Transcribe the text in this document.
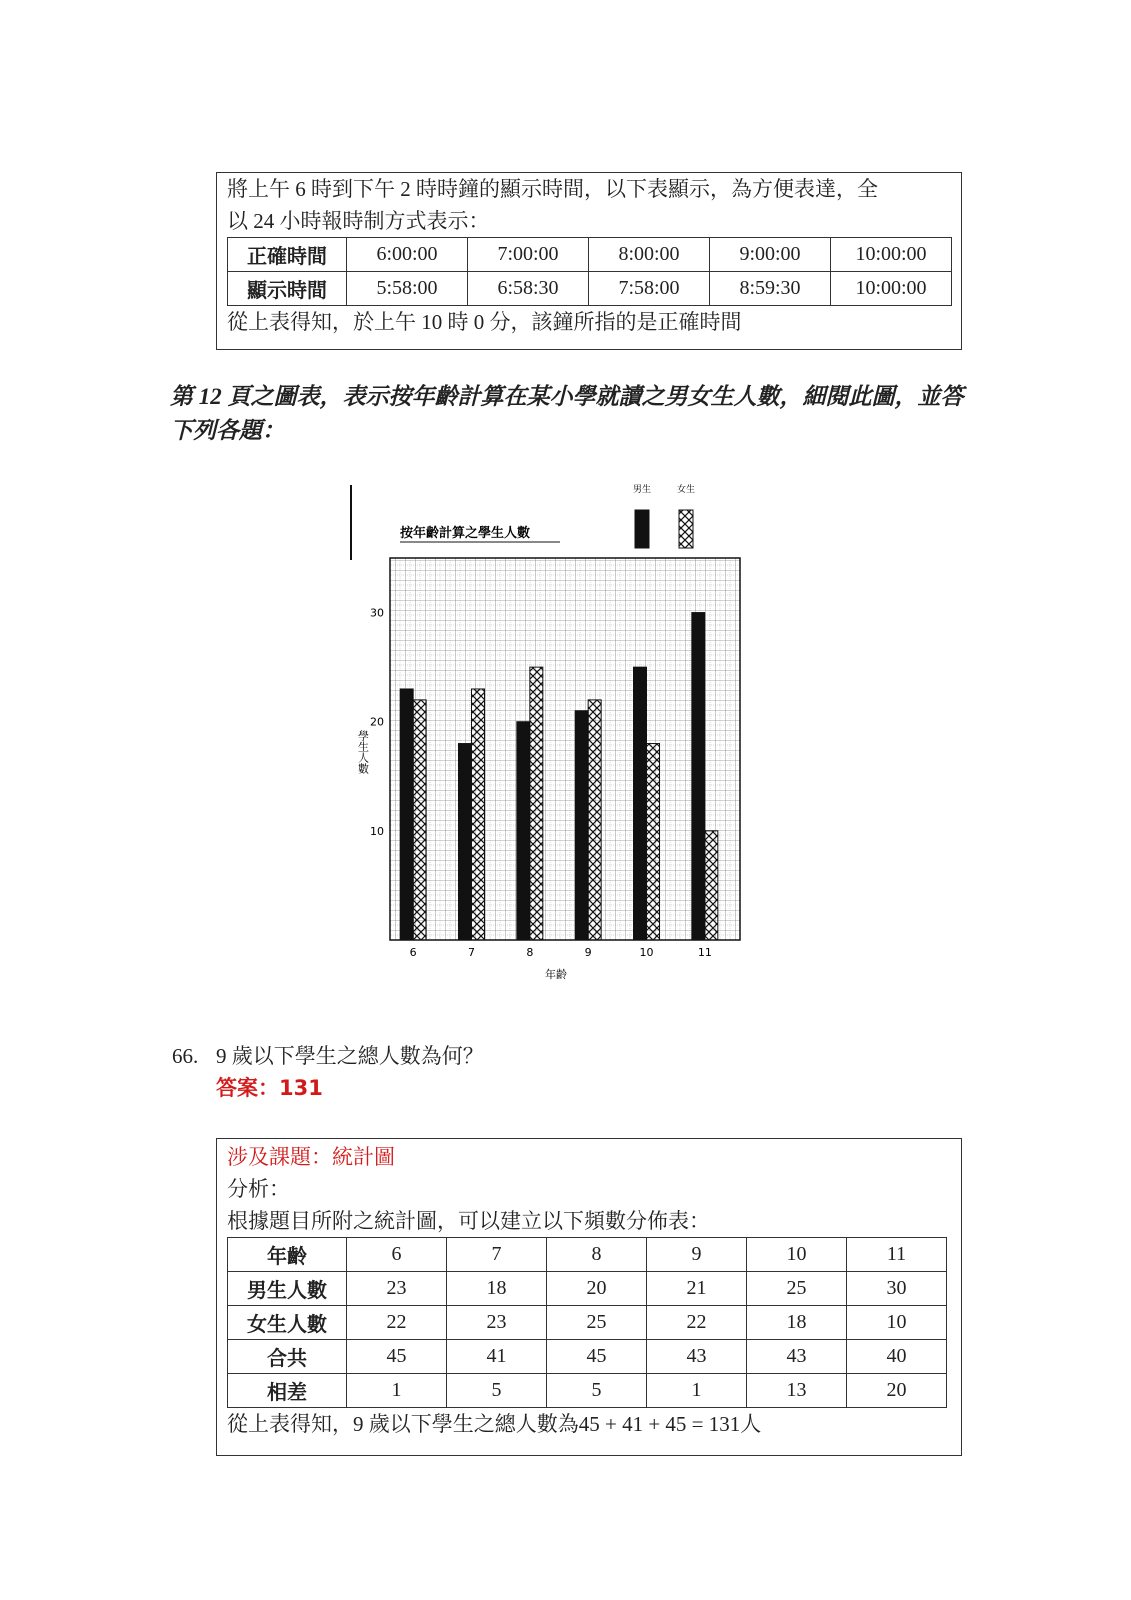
將上午 6 時到下午 2 時時鐘的顯示時間，以下表顯示，為方便表達，全
以 24 小時報時制方式表示：
正確時間	6:00:00	7:00:00	8:00:00	9:00:00	10:00:00
顯示時間	5:58:00	6:58:30	7:58:00	8:59:30	10:00:00
從上表得知，於上午 10 時 0 分，該鐘所指的是正確時間
第 12 頁之圖表，表示按年齡計算在某小學就讀之男女生人數，細閱此圖，並答
下列各題：
按年齡計算之學生人數
男生	女生
10
20
30
6	7	8	9	10	11
學生人數
年齡
66. 9 歲以下學生之總人數為何？
答案：131
涉及課題：統計圖
分析：
根據題目所附之統計圖，可以建立以下頻數分佈表：
年齡	6	7	8	9	10	11
男生人數	23	18	20	21	25	30
女生人數	22	23	25	22	18	10
合共	45	41	45	43	43	40
相差	1	5	5	1	13	20
從上表得知，9 歲以下學生之總人數為45 + 41 + 45 = 131人
